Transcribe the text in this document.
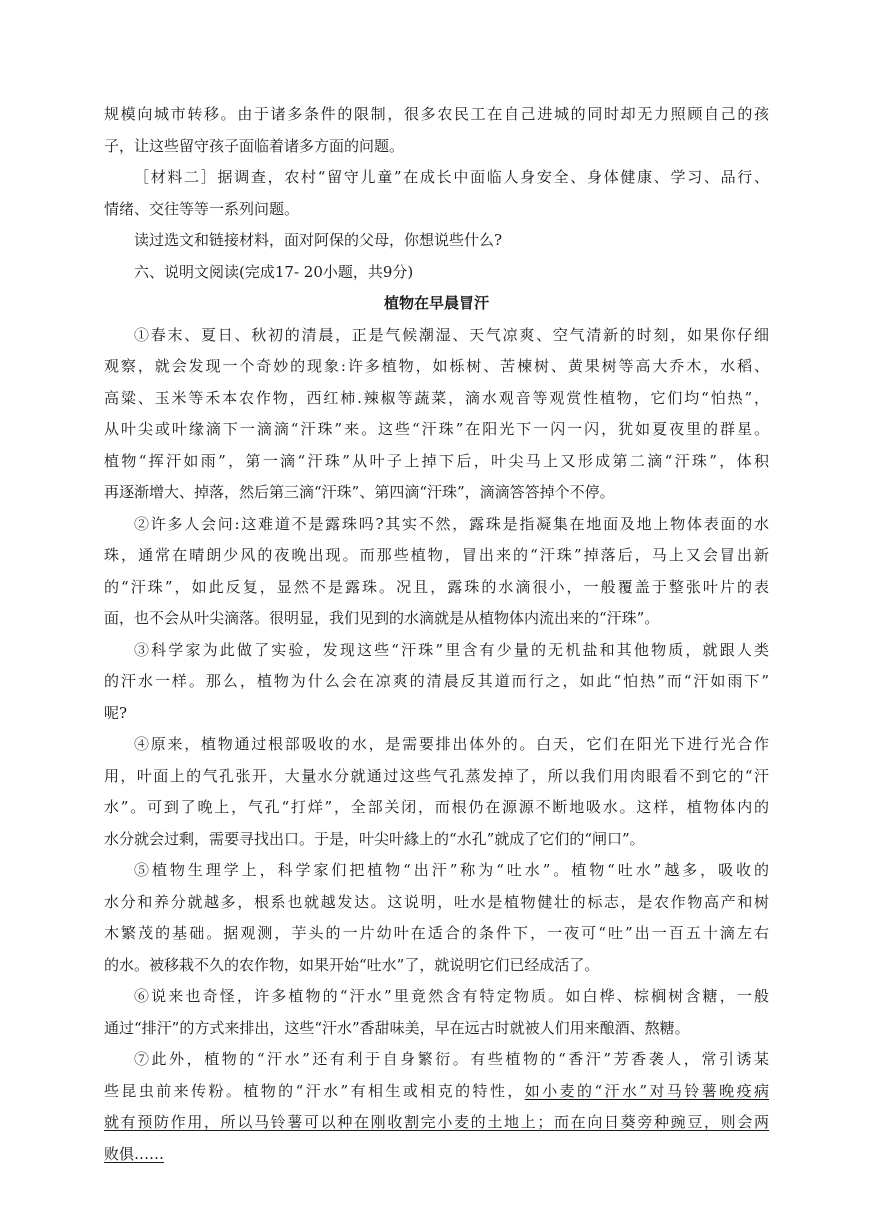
规模向城市转移。由于诸多条件的限制，很多农民工在自己进城的同时却无力照顾自己的孩
子，让这些留守孩子面临着诸多方面的问题。
［材料二］据调查，农村“留守儿童”在成长中面临人身安全、身体健康、学习、品行、
情绪、交往等等一系列问题。
读过选文和链接材料，面对阿保的父母，你想说些什么?
六、说明文阅读(完成17- 20小题，共9分)
植物在早晨冒汗
①春末、夏日、秋初的清晨，正是气候潮湿、天气凉爽、空气清新的时刻，如果你仔细
观察，就会发现一个奇妙的现象:许多植物，如栎树、苦楝树、黄果树等高大乔木，水稻、
高粱、玉米等禾本农作物，西红柿.辣椒等蔬菜，滴水观音等观赏性植物，它们均“怕热”，
从叶尖或叶缘滴下一滴滴“汗珠”来。这些“汗珠”在阳光下一闪一闪，犹如夏夜里的群星。
植物“挥汗如雨”，第一滴“汗珠”从叶子上掉下后，叶尖马上又形成第二滴“汗珠”，体积
再逐渐增大、掉落，然后第三滴“汗珠”、第四滴“汗珠”，滴滴答答掉个不停。
②许多人会问:这难道不是露珠吗?其实不然，露珠是指凝集在地面及地上物体表面的水
珠，通常在晴朗少风的夜晚出现。而那些植物，冒出来的“汗珠”掉落后，马上又会冒出新
的“汗珠”，如此反复，显然不是露珠。况且，露珠的水滴很小，一般覆盖于整张叶片的表
面，也不会从叶尖滴落。很明显，我们见到的水滴就是从植物体内流出来的“汗珠”。
③科学家为此做了实验，发现这些“汗珠”里含有少量的无机盐和其他物质，就跟人类
的汗水一样。那么，植物为什么会在凉爽的清晨反其道而行之，如此“怕热”而“汗如雨下”
呢?
④原来，植物通过根部吸收的水，是需要排出体外的。白天，它们在阳光下进行光合作
用，叶面上的气孔张开，大量水分就通过这些气孔蒸发掉了，所以我们用肉眼看不到它的“汗
水”。可到了晚上，气孔“打烊”，全部关闭，而根仍在源源不断地吸水。这样，植物体内的
水分就会过剩，需要寻找出口。于是，叶尖叶緣上的“水孔”就成了它们的“闸口”。
⑤植物生理学上，科学家们把植物“出汗”称为“吐水”。植物“吐水”越多，吸收的
水分和养分就越多，根系也就越发达。这说明，吐水是植物健壮的标志，是农作物高产和树
木繁茂的基础。据观测，芋头的一片幼叶在适合的条件下，一夜可“吐”出一百五十滴左右
的水。被移栽不久的农作物，如果开始“吐水”了，就说明它们已经成活了。
⑥说来也奇怪，许多植物的“汗水”里竟然含有特定物质。如白桦、棕榈树含糖，一般
通过“排汗”的方式来排出，这些“汗水”香甜味美，早在远古时就被人们用来酿酒、熬糖。
⑦此外，植物的“汗水”还有利于自身繁衍。有些植物的“香汗”芳香袭人，常引诱某
些昆虫前来传粉。植物的“汗水”有相生或相克的特性，如小麦的“汗水”对马铃薯晚疫病
就有预防作用，所以马铃薯可以种在刚收割完小麦的土地上；而在向日葵旁种豌豆，则会两
败俱……
